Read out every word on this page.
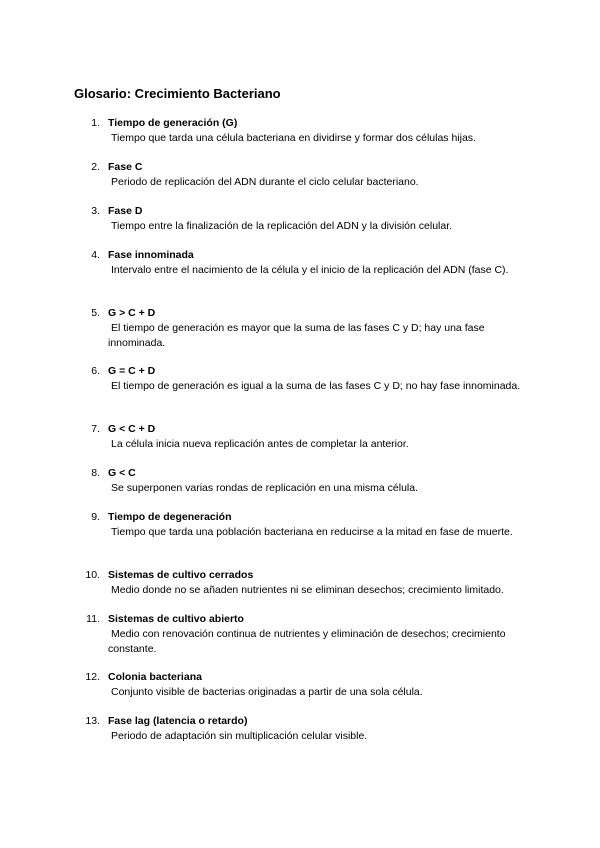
Glosario: Crecimiento Bacteriano
1. Tiempo de generación (G)
Tiempo que tarda una célula bacteriana en dividirse y formar dos células hijas.
2. Fase C
Periodo de replicación del ADN durante el ciclo celular bacteriano.
3. Fase D
Tiempo entre la finalización de la replicación del ADN y la división celular.
4. Fase innominada
Intervalo entre el nacimiento de la célula y el inicio de la replicación del ADN (fase C).
5. G > C + D
El tiempo de generación es mayor que la suma de las fases C y D; hay una fase innominada.
6. G = C + D
El tiempo de generación es igual a la suma de las fases C y D; no hay fase innominada.
7. G < C + D
La célula inicia nueva replicación antes de completar la anterior.
8. G < C
Se superponen varias rondas de replicación en una misma célula.
9. Tiempo de degeneración
Tiempo que tarda una población bacteriana en reducirse a la mitad en fase de muerte.
10. Sistemas de cultivo cerrados
Medio donde no se añaden nutrientes ni se eliminan desechos; crecimiento limitado.
11. Sistemas de cultivo abierto
Medio con renovación continua de nutrientes y eliminación de desechos; crecimiento constante.
12. Colonia bacteriana
Conjunto visible de bacterias originadas a partir de una sola célula.
13. Fase lag (latencia o retardo)
Periodo de adaptación sin multiplicación celular visible.
